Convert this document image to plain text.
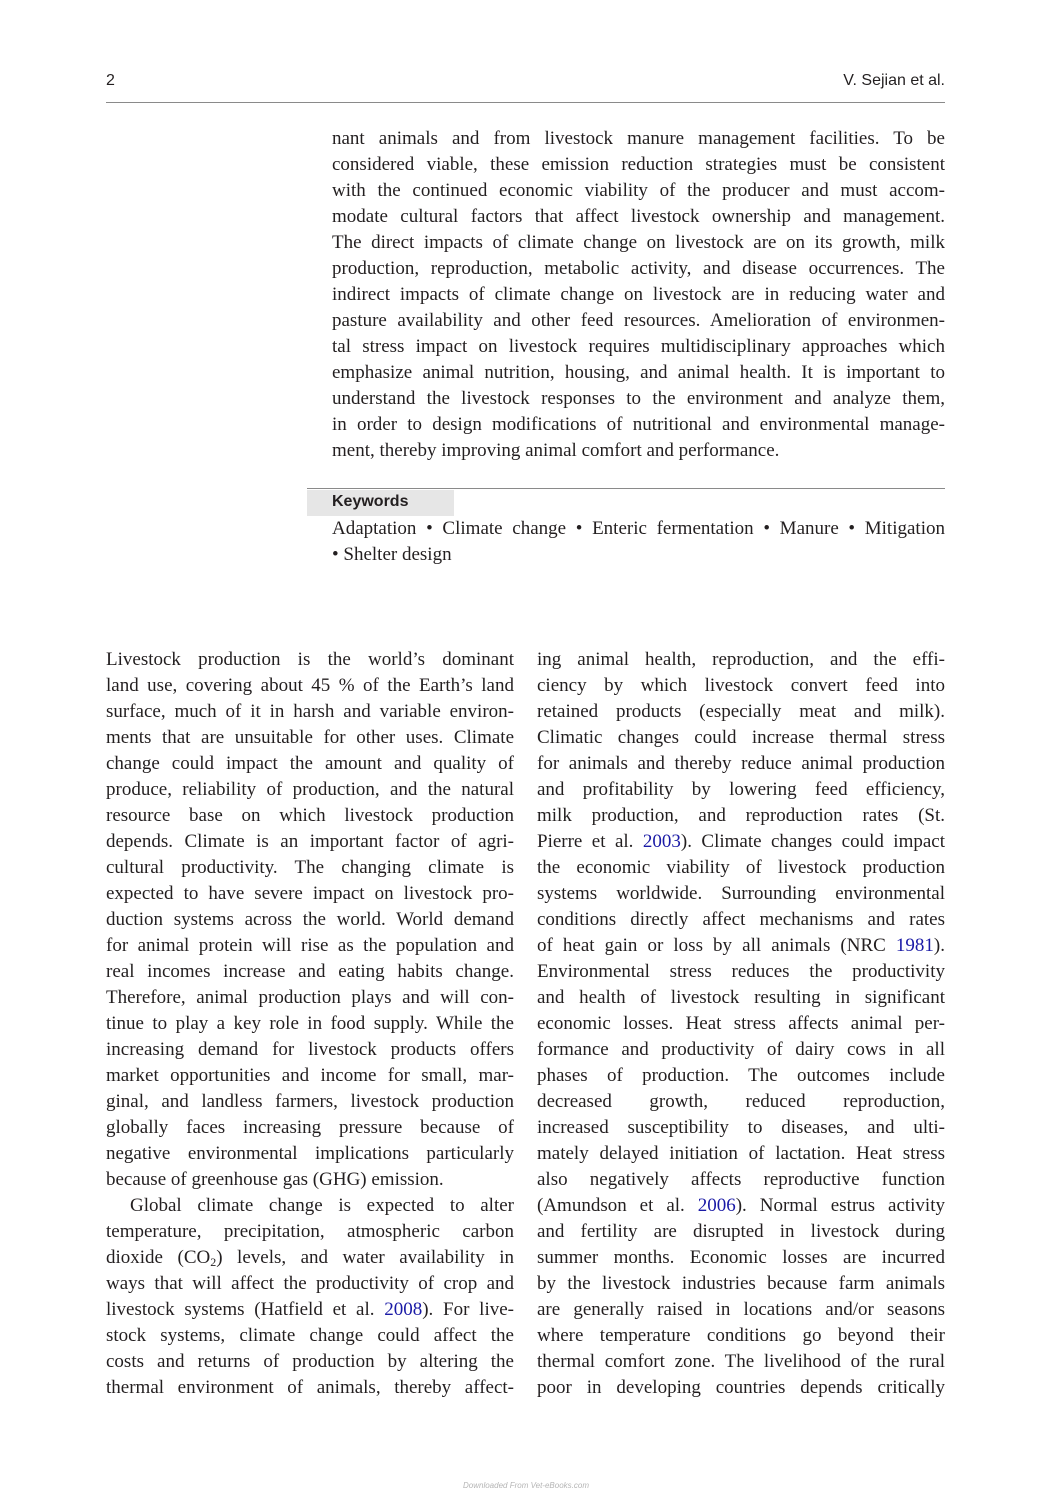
2	V. Sejian et al.
nant animals and from livestock manure management facilities. To be
considered viable, these emission reduction strategies must be consistent
with the continued economic viability of the producer and must accom-
modate cultural factors that affect livestock ownership and management.
The direct impacts of climate change on livestock are on its growth, milk
production, reproduction, metabolic activity, and disease occurrences. The
indirect impacts of climate change on livestock are in reducing water and
pasture availability and other feed resources. Amelioration of environmen-
tal stress impact on livestock requires multidisciplinary approaches which
emphasize animal nutrition, housing, and animal health. It is important to
understand the livestock responses to the environment and analyze them,
in order to design modifications of nutritional and environmental manage-
ment, thereby improving animal comfort and performance.
Keywords
Adaptation • Climate change • Enteric fermentation • Manure • Mitigation
• Shelter design
Livestock production is the world’s dominant
land use, covering about 45 % of the Earth’s land
surface, much of it in harsh and variable environ-
ments that are unsuitable for other uses. Climate
change could impact the amount and quality of
produce, reliability of production, and the natural
resource base on which livestock production
depends. Climate is an important factor of agri-
cultural productivity. The changing climate is
expected to have severe impact on livestock pro-
duction systems across the world. World demand
for animal protein will rise as the population and
real incomes increase and eating habits change.
Therefore, animal production plays and will con-
tinue to play a key role in food supply. While the
increasing demand for livestock products offers
market opportunities and income for small, mar-
ginal, and landless farmers, livestock production
globally faces increasing pressure because of
negative environmental implications particularly
because of greenhouse gas (GHG) emission.
Global climate change is expected to alter
temperature, precipitation, atmospheric carbon
dioxide $(CO_2)$ levels, and water availability in
ways that will affect the productivity of crop and
livestock systems (Hatfield et al. 2008). For live-
stock systems, climate change could affect the
costs and returns of production by altering the
thermal environment of animals, thereby affect-
ing animal health, reproduction, and the effi-
ciency by which livestock convert feed into
retained products (especially meat and milk).
Climatic changes could increase thermal stress
for animals and thereby reduce animal production
and profitability by lowering feed efficiency,
milk production, and reproduction rates (St.
Pierre et al. 2003). Climate changes could impact
the economic viability of livestock production
systems worldwide. Surrounding environmental
conditions directly affect mechanisms and rates
of heat gain or loss by all animals (NRC 1981).
Environmental stress reduces the productivity
and health of livestock resulting in significant
economic losses. Heat stress affects animal per-
formance and productivity of dairy cows in all
phases of production. The outcomes include
decreased growth, reduced reproduction,
increased susceptibility to diseases, and ulti-
mately delayed initiation of lactation. Heat stress
also negatively affects reproductive function
(Amundson et al. 2006). Normal estrus activity
and fertility are disrupted in livestock during
summer months. Economic losses are incurred
by the livestock industries because farm animals
are generally raised in locations and/or seasons
where temperature conditions go beyond their
thermal comfort zone. The livelihood of the rural
poor in developing countries depends critically
Downloaded From Vet-eBooks.com
